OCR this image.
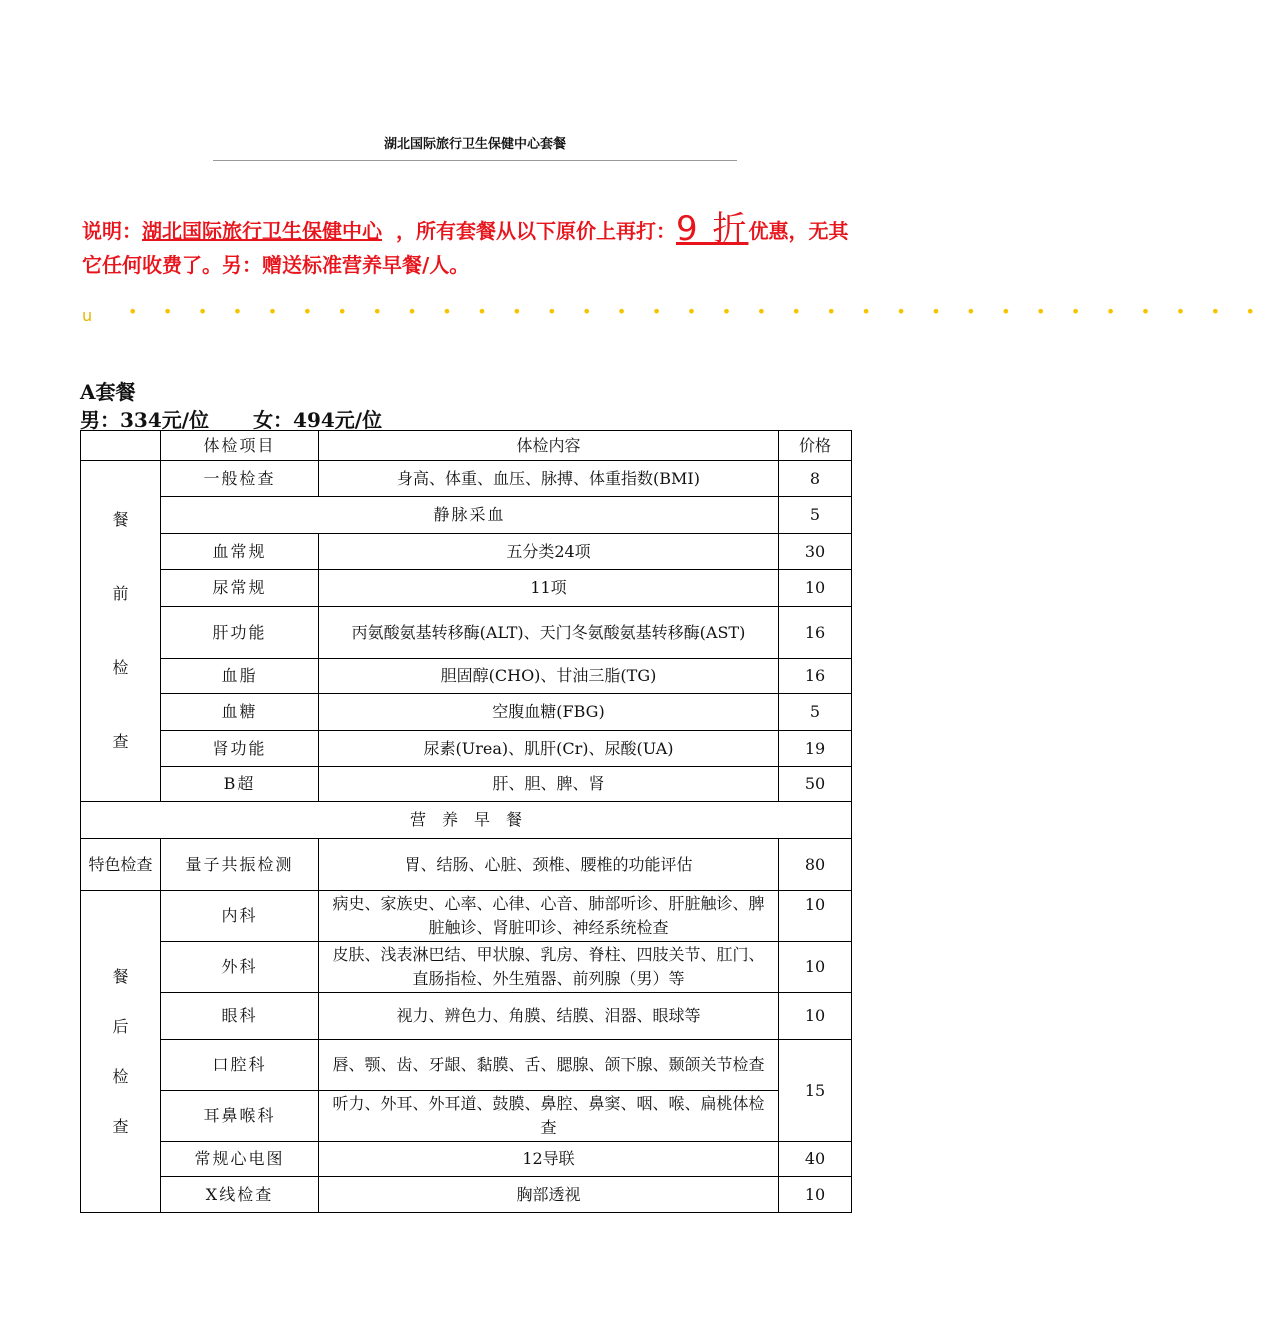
湖北国际旅行卫生保健中心套餐
说明：湖北国际旅行卫生保健中心 ，所有套餐从以下原价上再打：9 折优惠，无其
它任何收费了。另：赠送标准营养早餐/人。
u • • • • • • • • • • • • • • • • • • • • • • • • • • • • • • • • •
A套餐
男：334元/位 女：494元/位
	体检项目	体检内容	价格
餐
前
检
查	一般检查	身高、体重、血压、脉搏、体重指数(BMI)	8
	静脉采血		5
	血常规	五分类24项	30
	尿常规	11项	10
	肝功能	丙氨酸氨基转移酶(ALT)、天门冬氨酸氨基转移酶(AST)	16
	血脂	胆固醇(CHO)、甘油三脂(TG)	16
	血糖	空腹血糖(FBG)	5
	肾功能	尿素(Urea)、肌肝(Cr)、尿酸(UA)	19
	B超	肝、胆、脾、肾	50
营　养　早　餐			
特色检查	量子共振检测	胃、结肠、心脏、颈椎、腰椎的功能评估	80
餐
后
检
查	内科	病史、家族史、心率、心律、心音、肺部听诊、肝脏触诊、脾脏触诊、肾脏叩诊、神经系统检查	10
	外科	皮肤、浅表淋巴结、甲状腺、乳房、脊柱、四肢关节、肛门、直肠指检、外生殖器、前列腺（男）等	10
	眼科	视力、辨色力、角膜、结膜、泪器、眼球等	10
	口腔科	唇、颚、齿、牙龈、黏膜、舌、腮腺、颌下腺、颞颌关节检查	15
	耳鼻喉科	听力、外耳、外耳道、鼓膜、鼻腔、鼻窦、咽、喉、扁桃体检查	
	常规心电图	12导联	40
	X线检查	胸部透视	10
